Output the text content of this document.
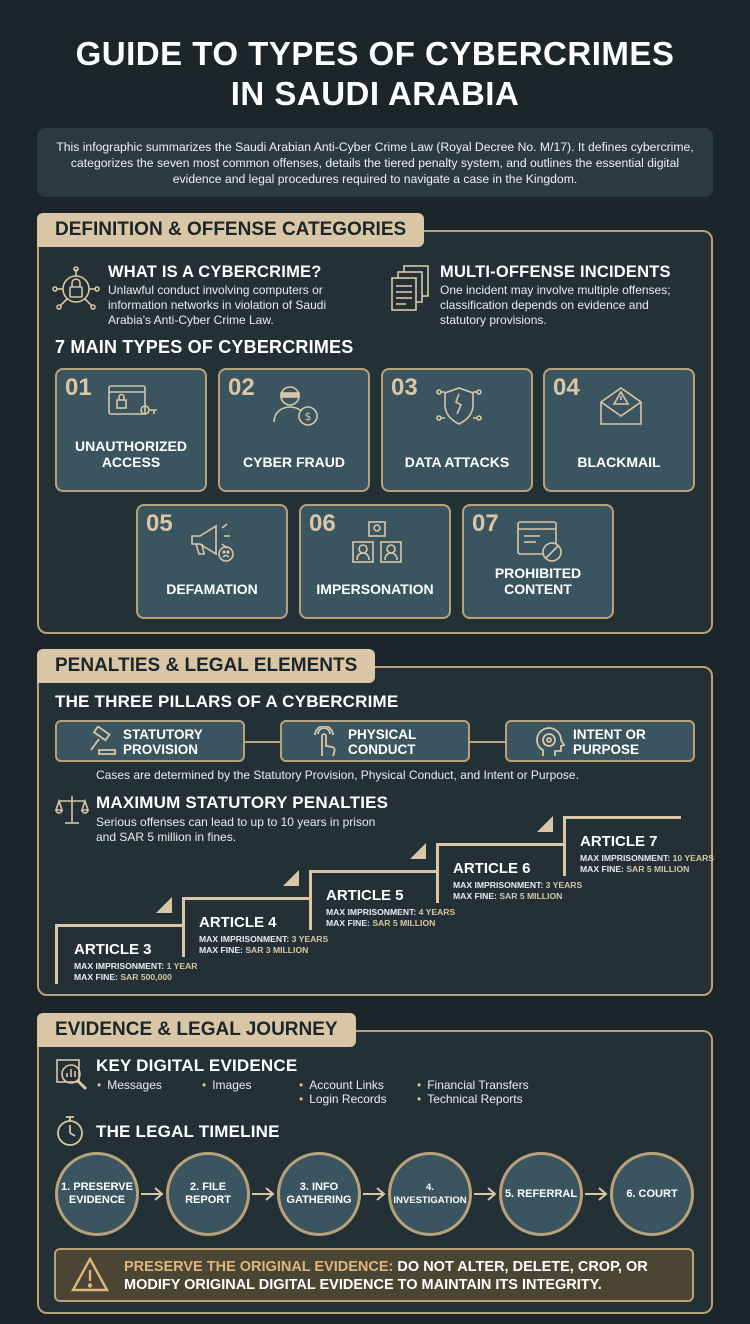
GUIDE TO TYPES OF CYBERCRIMES
IN SAUDI ARABIA
This infographic summarizes the Saudi Arabian Anti-Cyber Crime Law (Royal Decree No. M/17). It defines cybercrime, categorizes the seven most common offenses, details the tiered penalty system, and outlines the essential digital evidence and legal procedures required to navigate a case in the Kingdom.
DEFINITION & OFFENSE CATEGORIES
WHAT IS A CYBERCRIME?
Unlawful conduct involving computers or information networks in violation of Saudi Arabia's Anti-Cyber Crime Law.
MULTI-OFFENSE INCIDENTS
One incident may involve multiple offenses; classification depends on evidence and statutory provisions.
7 MAIN TYPES OF CYBERCRIMES
01
UNAUTHORIZED ACCESS
02
$
CYBER FRAUD
03
DATA ATTACKS
04
BLACKMAIL
05
DEFAMATION
06
IMPERSONATION
07
PROHIBITED CONTENT
PENALTIES & LEGAL ELEMENTS
THE THREE PILLARS OF A CYBERCRIME
STATUTORY PROVISION
PHYSICAL CONDUCT
INTENT OR PURPOSE
Cases are determined by the Statutory Provision, Physical Conduct, and Intent or Purpose.
MAXIMUM STATUTORY PENALTIES
Serious offenses can lead to up to 10 years in prison and SAR 5 million in fines.
ARTICLE 3
MAX IMPRISONMENT: 1 YEAR
MAX FINE: SAR 500,000
ARTICLE 4
MAX IMPRISONMENT: 3 YEARS
MAX FINE: SAR 3 MILLION
ARTICLE 5
MAX IMPRISONMENT: 4 YEARS
MAX FINE: SAR 5 MILLION
ARTICLE 6
MAX IMPRISONMENT: 3 YEARS
MAX FINE: SAR 5 MILLION
ARTICLE 7
MAX IMPRISONMENT: 10 YEARS
MAX FINE: SAR 5 MILLION
EVIDENCE & LEGAL JOURNEY
KEY DIGITAL EVIDENCE
• Messages	• Images	• Account Links
• Login Records
• Financial Transfers
• Technical Reports
THE LEGAL TIMELINE
1. PRESERVE EVIDENCE
2. FILE REPORT
3. INFO GATHERING
4. INVESTIGATION
5. REFERRAL	6. COURT
PRESERVE THE ORIGINAL EVIDENCE: DO NOT ALTER, DELETE, CROP, OR MODIFY ORIGINAL DIGITAL EVIDENCE TO MAINTAIN ITS INTEGRITY.
